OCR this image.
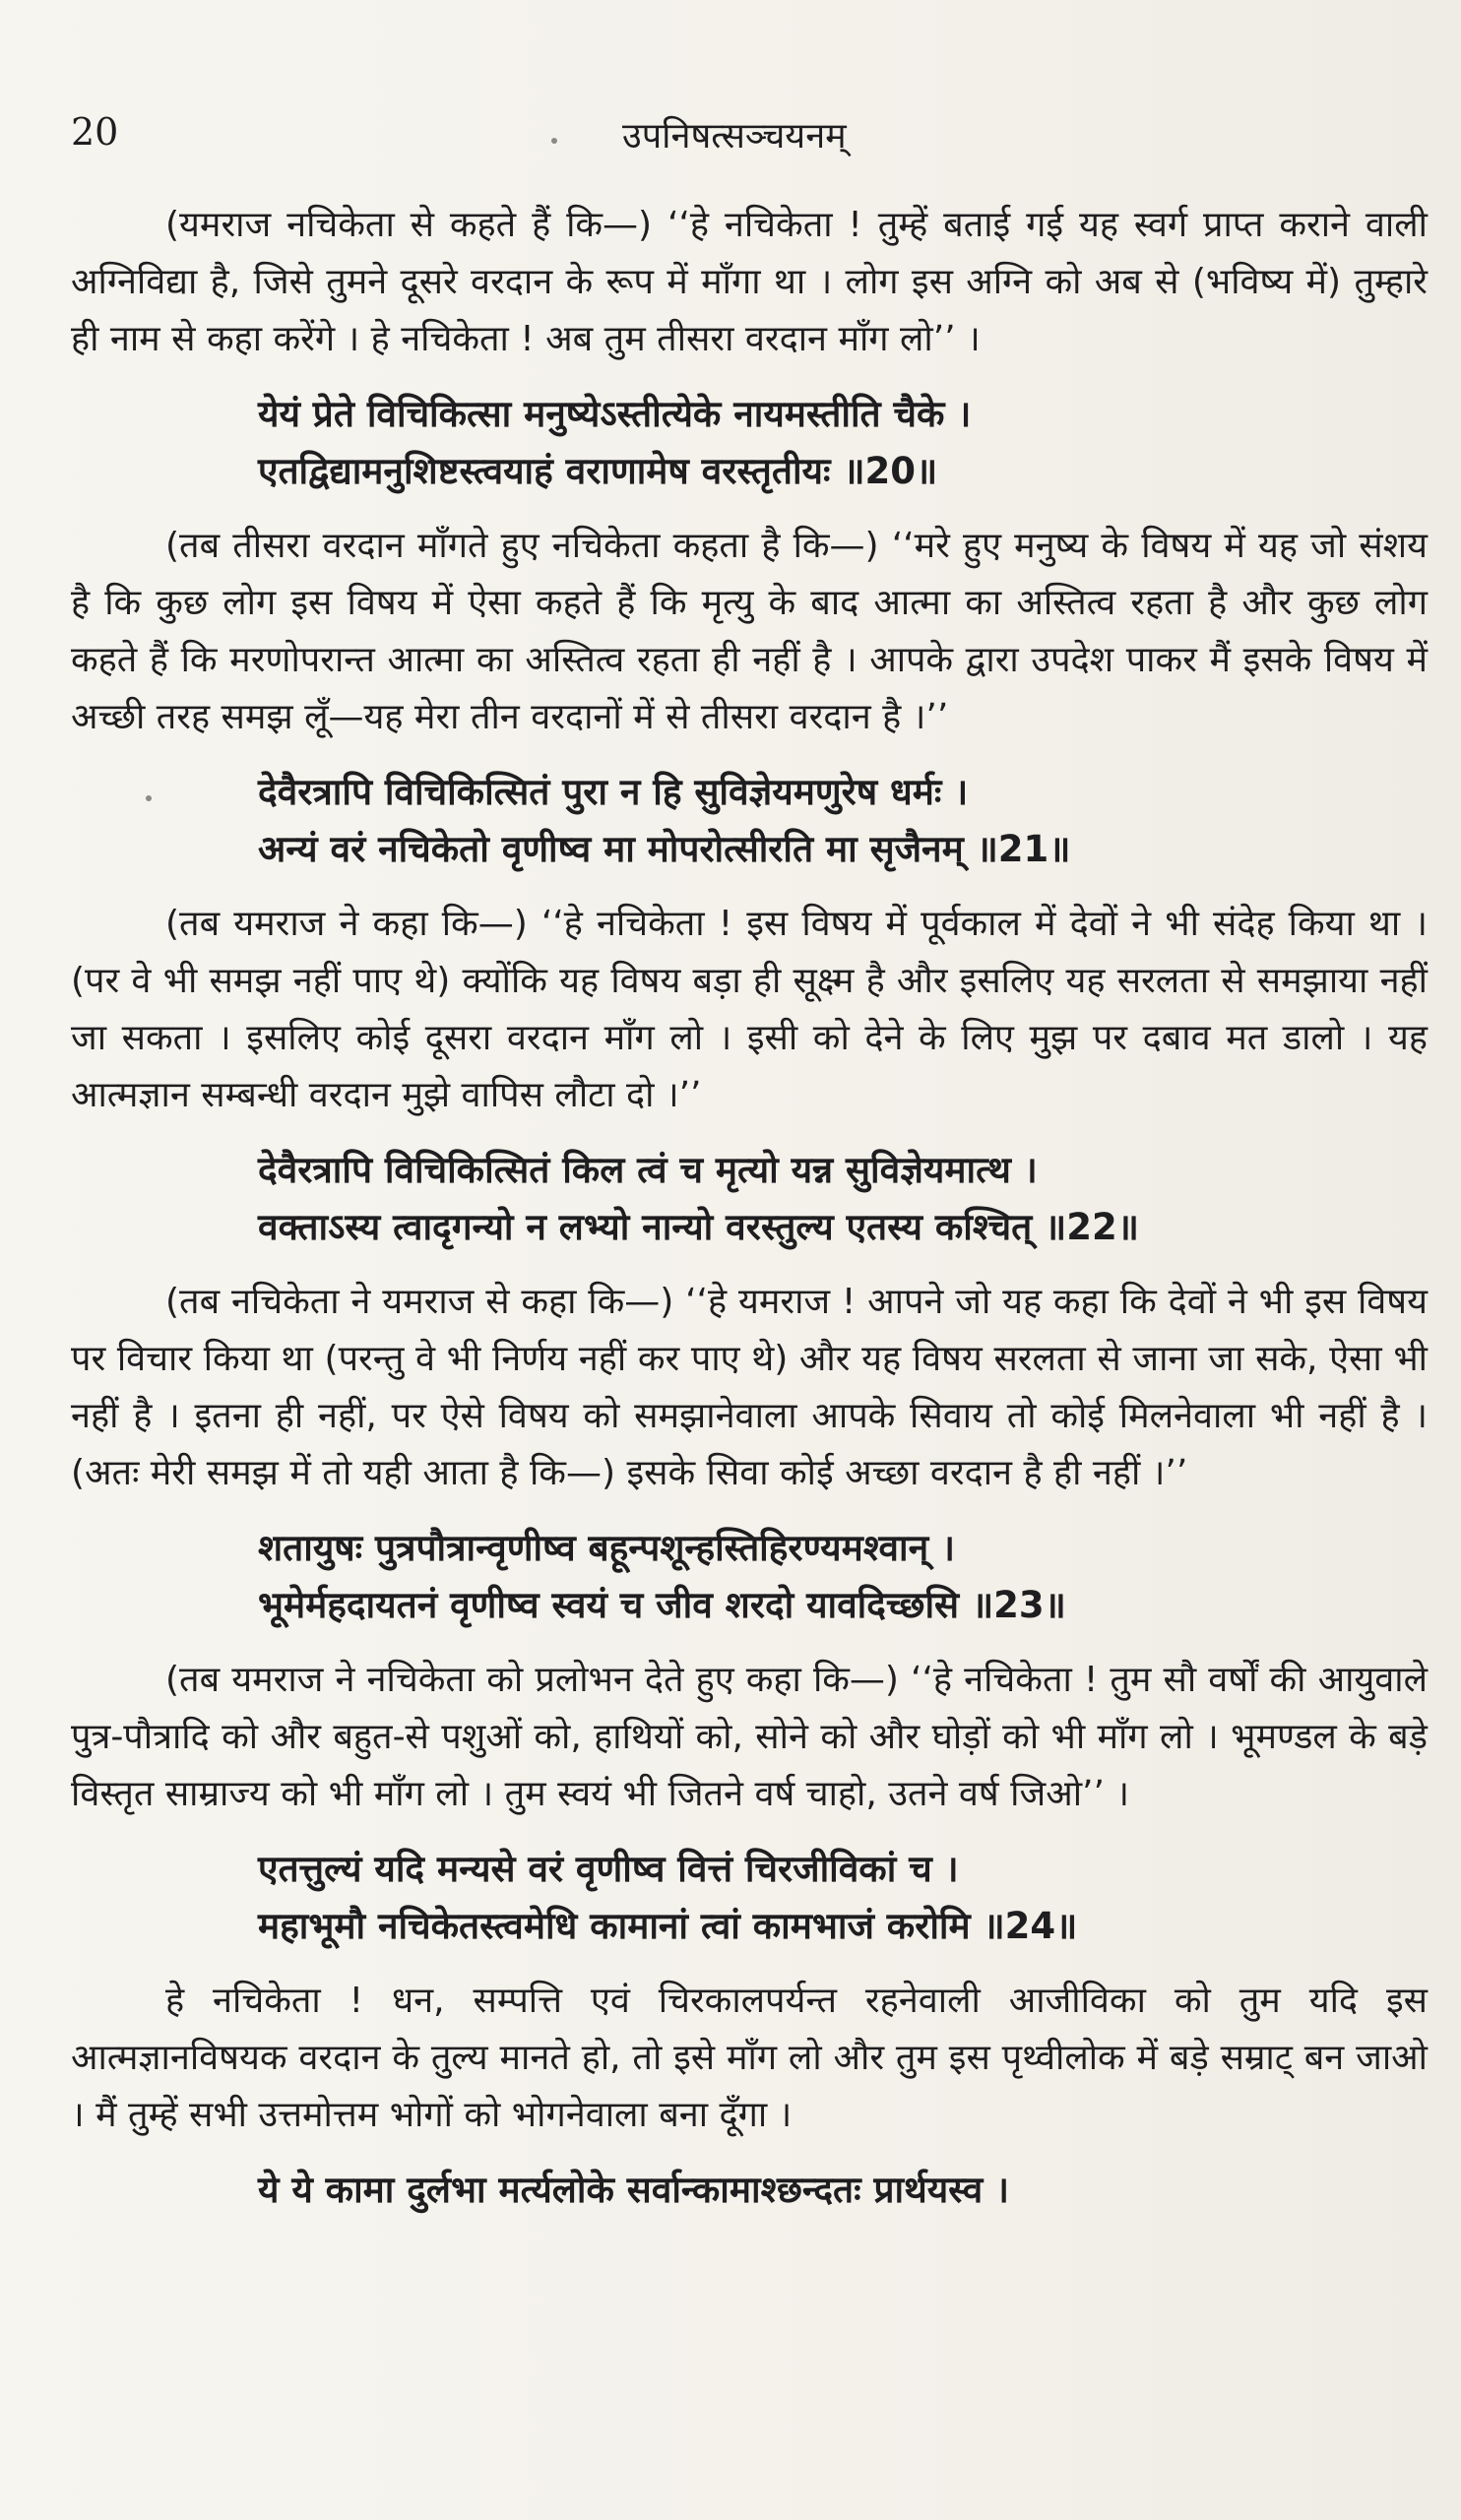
20	उपनिषत्सञ्चयनम्

(यमराज नचिकेता से कहते हैं कि—) ‘‘हे नचिकेता ! तुम्हें बताई गई यह स्वर्ग प्राप्त कराने वाली अग्निविद्या है, जिसे तुमने दूसरे वरदान के रूप में माँगा था । लोग इस अग्नि को अब से (भविष्य में) तुम्हारे ही नाम से कहा करेंगे । हे नचिकेता ! अब तुम तीसरा वरदान माँग लो’’ ।

येयं प्रेते विचिकित्सा मनुष्येऽस्तीत्येके नायमस्तीति चैके ।
एतद्विद्यामनुशिष्टस्त्वयाहं वराणामेष वरस्तृतीयः ॥20॥

(तब तीसरा वरदान माँगते हुए नचिकेता कहता है कि—) ‘‘मरे हुए मनुष्य के विषय में यह जो संशय है कि कुछ लोग इस विषय में ऐसा कहते हैं कि मृत्यु के बाद आत्मा का अस्तित्व रहता है और कुछ लोग कहते हैं कि मरणोपरान्त आत्मा का अस्तित्व रहता ही नहीं है । आपके द्वारा उपदेश पाकर मैं इसके विषय में अच्छी तरह समझ लूँ—यह मेरा तीन वरदानों में से तीसरा वरदान है ।’’

देवैरत्रापि विचिकित्सितं पुरा न हि सुविज्ञेयमणुरेष धर्मः ।
अन्यं वरं नचिकेतो वृणीष्व मा मोपरोत्सीरति मा सृजैनम् ॥21॥

(तब यमराज ने कहा कि—) ‘‘हे नचिकेता ! इस विषय में पूर्वकाल में देवों ने भी संदेह किया था । (पर वे भी समझ नहीं पाए थे) क्योंकि यह विषय बड़ा ही सूक्ष्म है और इसलिए यह सरलता से समझाया नहीं जा सकता । इसलिए कोई दूसरा वरदान माँग लो । इसी को देने के लिए मुझ पर दबाव मत डालो । यह आत्मज्ञान सम्बन्धी वरदान मुझे वापिस लौटा दो ।’’

देवैरत्रापि विचिकित्सितं किल त्वं च मृत्यो यन्न सुविज्ञेयमात्थ ।
वक्ताऽस्य त्वादृगन्यो न लभ्यो नान्यो वरस्तुल्य एतस्य कश्चित् ॥22॥

(तब नचिकेता ने यमराज से कहा कि—) ‘‘हे यमराज ! आपने जो यह कहा कि देवों ने भी इस विषय पर विचार किया था (परन्तु वे भी निर्णय नहीं कर पाए थे) और यह विषय सरलता से जाना जा सके, ऐसा भी नहीं है । इतना ही नहीं, पर ऐसे विषय को समझानेवाला आपके सिवाय तो कोई मिलनेवाला भी नहीं है । (अतः मेरी समझ में तो यही आता है कि—) इसके सिवा कोई अच्छा वरदान है ही नहीं ।’’

शतायुषः पुत्रपौत्रान्वृणीष्व बहून्पशून्हस्तिहिरण्यमश्वान् ।
भूमेर्महदायतनं वृणीष्व स्वयं च जीव शरदो यावदिच्छसि ॥23॥

(तब यमराज ने नचिकेता को प्रलोभन देते हुए कहा कि—) ‘‘हे नचिकेता ! तुम सौ वर्षों की आयुवाले पुत्र-पौत्रादि को और बहुत-से पशुओं को, हाथियों को, सोने को और घोड़ों को भी माँग लो । भूमण्डल के बड़े विस्तृत साम्राज्य को भी माँग लो । तुम स्वयं भी जितने वर्ष चाहो, उतने वर्ष जिओ’’ ।

एतत्तुल्यं यदि मन्यसे वरं वृणीष्व वित्तं चिरजीविकां च ।
महाभूमौ नचिकेतस्त्वमेधि कामानां त्वां कामभाजं करोमि ॥24॥

हे नचिकेता ! धन, सम्पत्ति एवं चिरकालपर्यन्त रहनेवाली आजीविका को तुम यदि इस आत्मज्ञानविषयक वरदान के तुल्य मानते हो, तो इसे माँग लो और तुम इस पृथ्वीलोक में बड़े सम्राट् बन जाओ । मैं तुम्हें सभी उत्तमोत्तम भोगों को भोगनेवाला बना दूँगा ।

ये ये कामा दुर्लभा मर्त्यलोके सर्वान्कामाश्छन्दतः प्रार्थयस्व ।
